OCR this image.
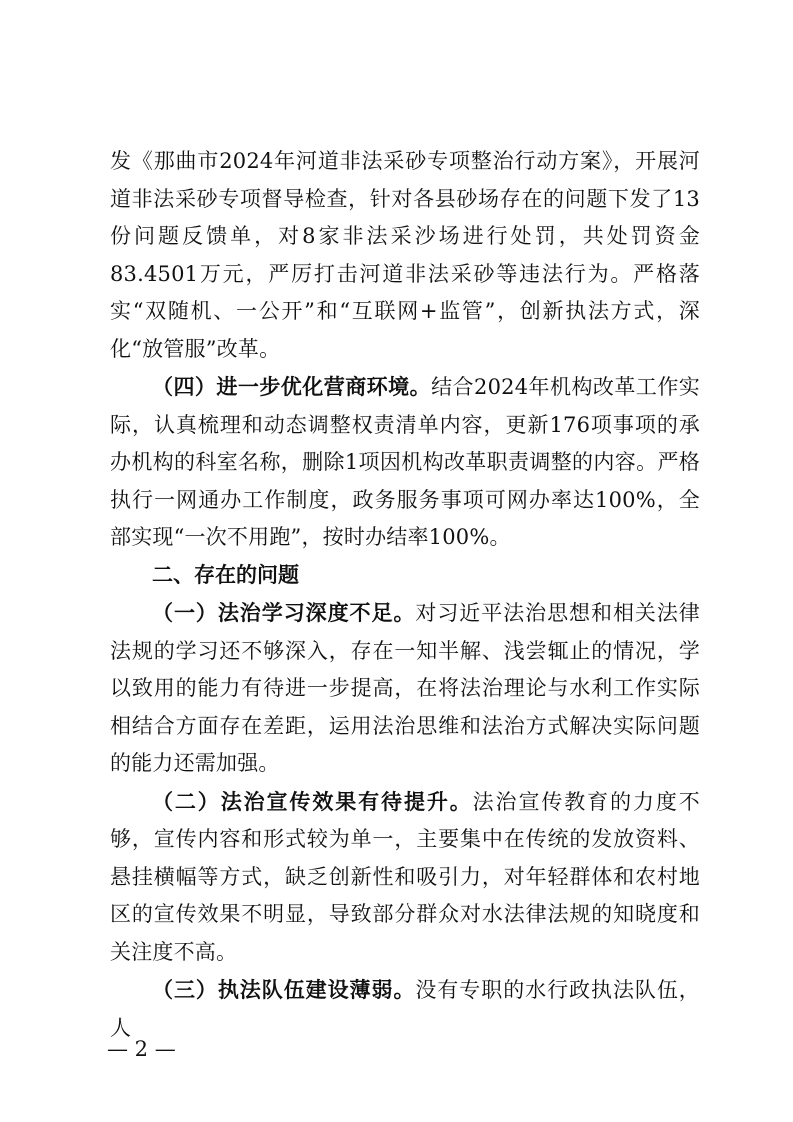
发《那曲市2024年河道非法采砂专项整治行动方案》，开展河道非法采砂专项督导检查，针对各县砂场存在的问题下发了13份问题反馈单，对8家非法采沙场进行处罚，共处罚资金83.4501万元，严厉打击河道非法采砂等违法行为。严格落实“双随机、一公开”和“互联网+监管”，创新执法方式，深化“放管服”改革。

（四）进一步优化营商环境。结合2024年机构改革工作实际，认真梳理和动态调整权责清单内容，更新176项事项的承办机构的科室名称，删除1项因机构改革职责调整的内容。严格执行一网通办工作制度，政务服务事项可网办率达100%，全部实现“一次不用跑”，按时办结率100%。

二、存在的问题

（一）法治学习深度不足。对习近平法治思想和相关法律法规的学习还不够深入，存在一知半解、浅尝辄止的情况，学以致用的能力有待进一步提高，在将法治理论与水利工作实际相结合方面存在差距，运用法治思维和法治方式解决实际问题的能力还需加强。

（二）法治宣传效果有待提升。法治宣传教育的力度不够，宣传内容和形式较为单一，主要集中在传统的发放资料、悬挂横幅等方式，缺乏创新性和吸引力，对年轻群体和农村地区的宣传效果不明显，导致部分群众对水法律法规的知晓度和关注度不高。

（三）执法队伍建设薄弱。没有专职的水行政执法队伍，人

— 2 —
